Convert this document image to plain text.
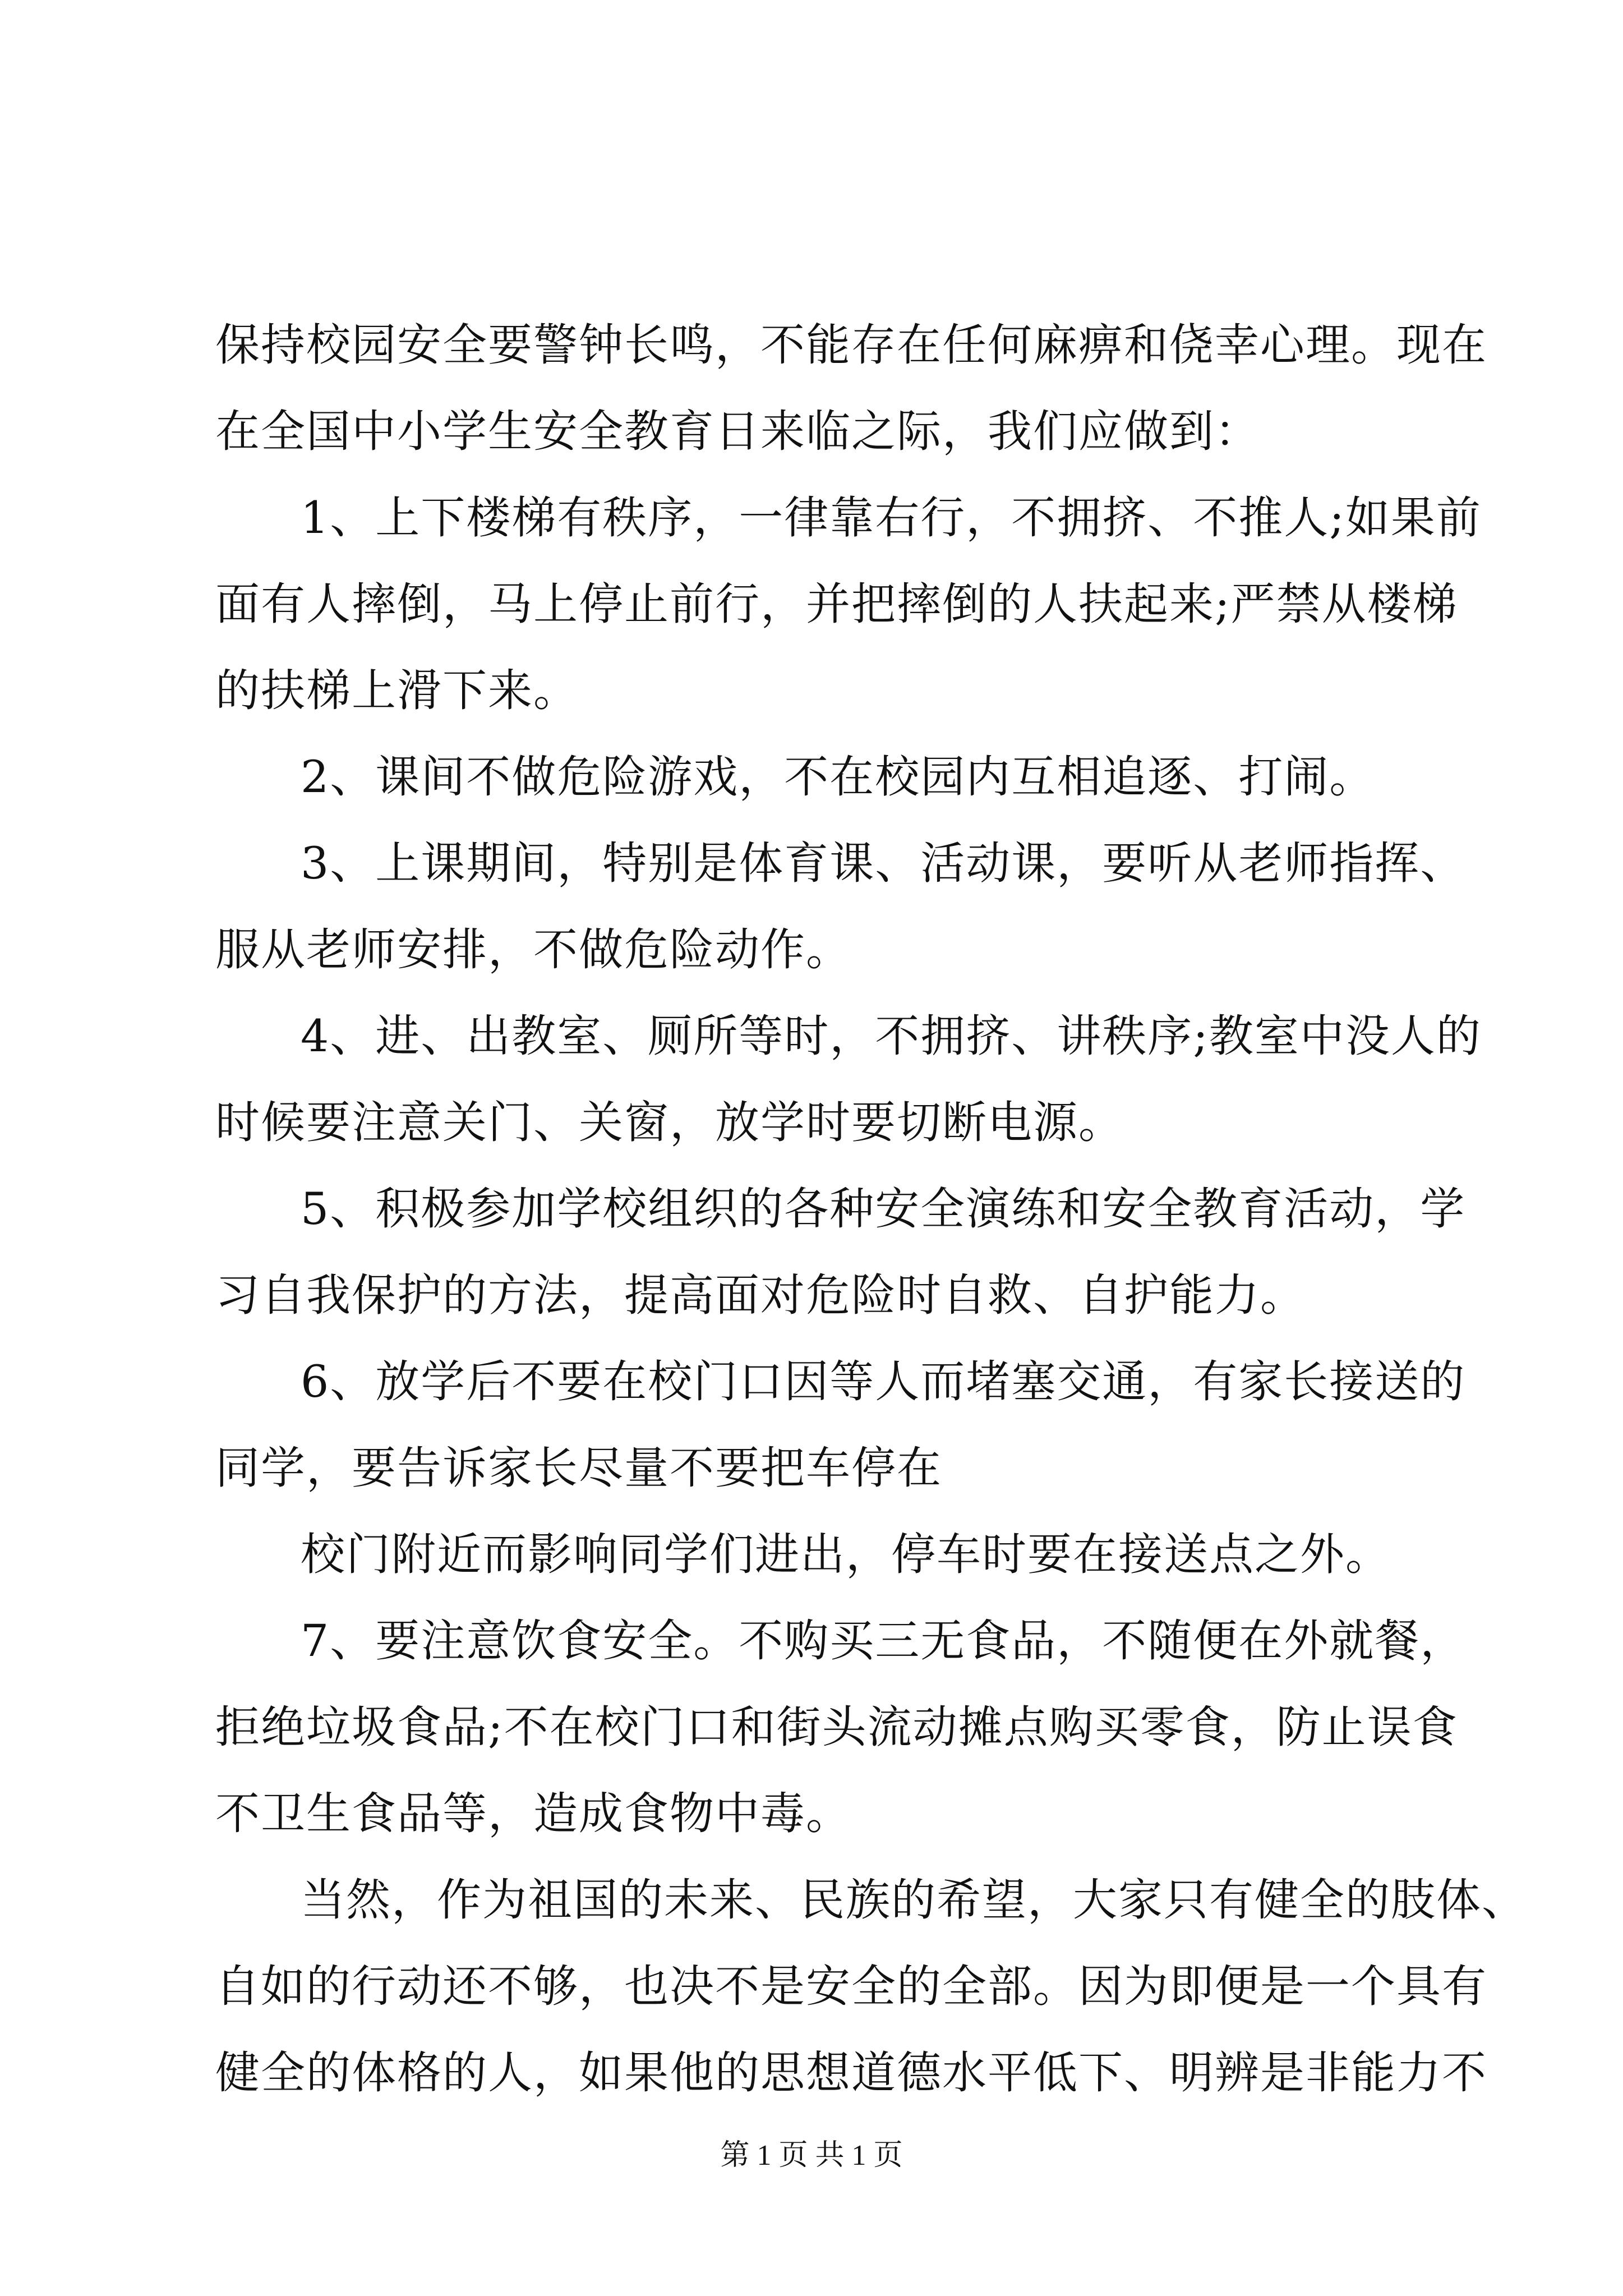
保持校园安全要警钟长鸣，不能存在任何麻痹和侥幸心理。现在
在全国中小学生安全教育日来临之际，我们应做到：
1、上下楼梯有秩序，一律靠右行，不拥挤、不推人;如果前
面有人摔倒，马上停止前行，并把摔倒的人扶起来;严禁从楼梯
的扶梯上滑下来。
2、课间不做危险游戏，不在校园内互相追逐、打闹。
3、上课期间，特别是体育课、活动课，要听从老师指挥、
服从老师安排，不做危险动作。
4、进、出教室、厕所等时，不拥挤、讲秩序;教室中没人的
时候要注意关门、关窗，放学时要切断电源。
5、积极参加学校组织的各种安全演练和安全教育活动，学
习自我保护的方法，提高面对危险时自救、自护能力。
6、放学后不要在校门口因等人而堵塞交通，有家长接送的
同学，要告诉家长尽量不要把车停在
校门附近而影响同学们进出，停车时要在接送点之外。
7、要注意饮食安全。不购买三无食品，不随便在外就餐，
拒绝垃圾食品;不在校门口和街头流动摊点购买零食，防止误食
不卫生食品等，造成食物中毒。
当然，作为祖国的未来、民族的希望，大家只有健全的肢体、
自如的行动还不够，也决不是安全的全部。因为即便是一个具有
健全的体格的人，如果他的思想道德水平低下、明辨是非能力不
第 1 页 共 1 页
